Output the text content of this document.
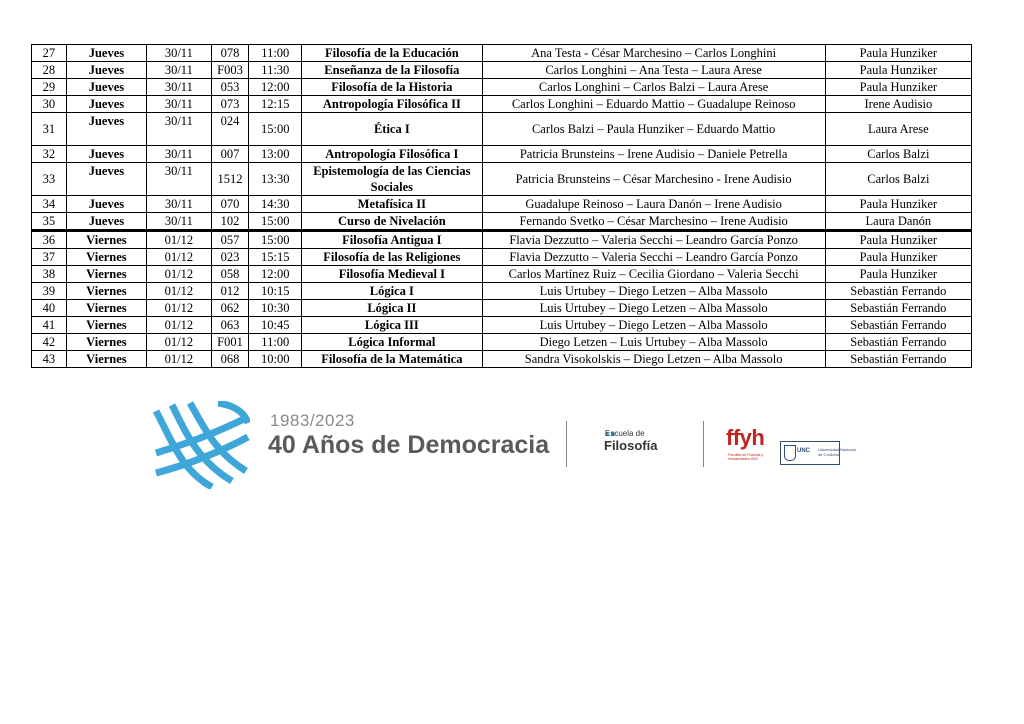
27	Jueves	30/11	078	11:00	Filosofía de la Educación	Ana Testa - César Marchesino – Carlos Longhini	Paula Hunziker
28	Jueves	30/11	F003	11:30	Enseñanza de la Filosofía	Carlos Longhini – Ana Testa – Laura Arese	Paula Hunziker
29	Jueves	30/11	053	12:00	Filosofía de la Historia	Carlos Longhini – Carlos Balzi – Laura Arese	Paula Hunziker
30	Jueves	30/11	073	12:15	Antropología Filosófica II	Carlos Longhini – Eduardo Mattio – Guadalupe Reinoso	Irene Audisio
31	Jueves	30/11	024	15:00	Ética I	Carlos Balzi – Paula Hunziker – Eduardo Mattio	Laura Arese
32	Jueves	30/11	007	13:00	Antropología Filosófica I	Patricia Brunsteins – Irene Audisio – Daniele Petrella	Carlos Balzi
33	Jueves	30/11	1512	13:30	Epistemología de las Ciencias Sociales	Patricia Brunsteins – César Marchesino - Irene Audisio	Carlos Balzi
34	Jueves	30/11	070	14:30	Metafísica II	Guadalupe Reinoso – Laura Danón – Irene Audisio	Paula Hunziker
35	Jueves	30/11	102	15:00	Curso de Nivelación	Fernando Svetko – César Marchesino – Irene Audisio	Laura Danón
36	Viernes	01/12	057	15:00	Filosofía Antigua I	Flavia Dezzutto – Valeria Secchi – Leandro García Ponzo	Paula Hunziker
37	Viernes	01/12	023	15:15	Filosofía de las Religiones	Flavia Dezzutto – Valeria Secchi – Leandro García Ponzo	Paula Hunziker
38	Viernes	01/12	058	12:00	Filosofía Medieval I	Carlos Martínez Ruiz – Cecilia Giordano – Valeria Secchi	Paula Hunziker
39	Viernes	01/12	012	10:15	Lógica I	Luis Urtubey – Diego Letzen – Alba Massolo	Sebastián Ferrando
40	Viernes	01/12	062	10:30	Lógica II	Luis Urtubey – Diego Letzen – Alba Massolo	Sebastián Ferrando
41	Viernes	01/12	063	10:45	Lógica III	Luis Urtubey – Diego Letzen – Alba Massolo	Sebastián Ferrando
42	Viernes	01/12	F001	11:00	Lógica Informal	Diego Letzen – Luis Urtubey – Alba Massolo	Sebastián Ferrando
43	Viernes	01/12	068	10:00	Filosofía de la Matemática	Sandra Visokolskis – Diego Letzen – Alba Massolo	Sebastián Ferrando
1983/2023
40 Años de Democracia	Escuela de
Filosofía	ffyh
Facultad de Filosofía y Humanidades UNC
UNC Universidad Nacional de Córdoba
